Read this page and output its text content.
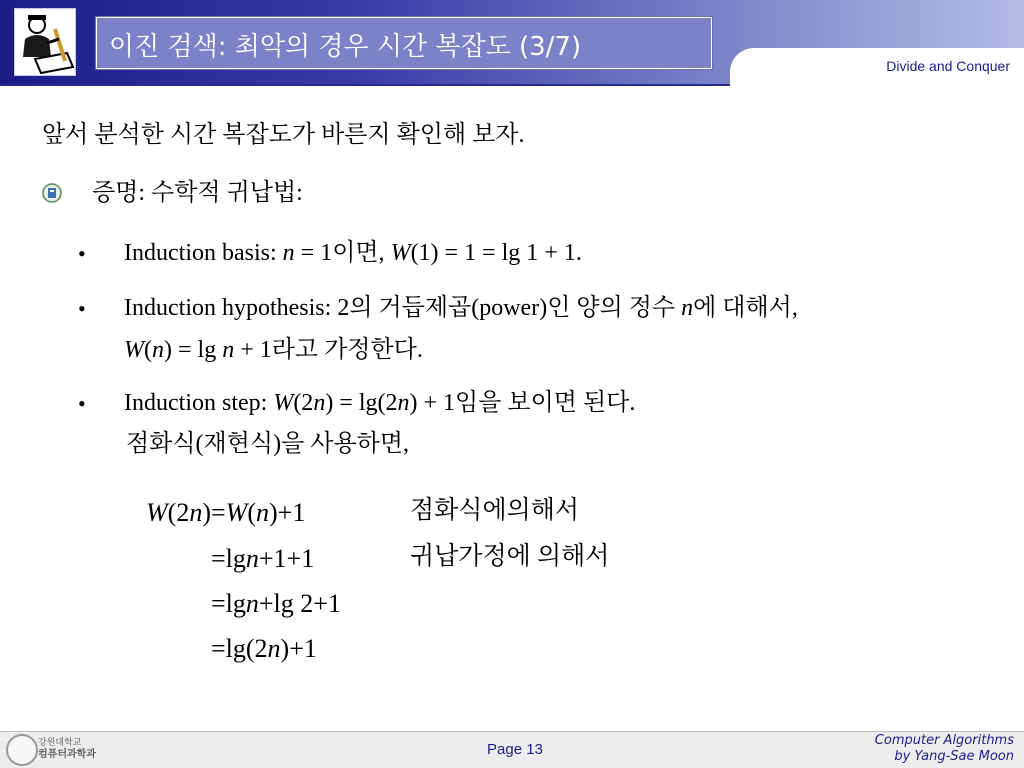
Divide and Conquer
이진 검색: 최악의 경우 시간 복잡도 (3/7)
앞서 분석한 시간 복잡도가 바른지 확인해 보자.
증명: 수학적 귀납법:
• Induction basis: n = 1이면, W(1) = 1 = lg 1 + 1.
• Induction hypothesis: 2의 거듭제곱(power)인 양의 정수 n에 대해서,
W(n) = lg n + 1라고 가정한다.
• Induction step: W(2n) = lg(2n) + 1임을 보이면 된다.
점화식(재현식)을 사용하면,
W(2n)=W(n)+1	점화식에의해서
=lgn+1+1	귀납가정에 의해서
=lgn+lg 2+1
=lg(2n)+1
강원대학교
컴퓨터과학과	Page 13
Computer Algorithms
by Yang-Sae Moon
